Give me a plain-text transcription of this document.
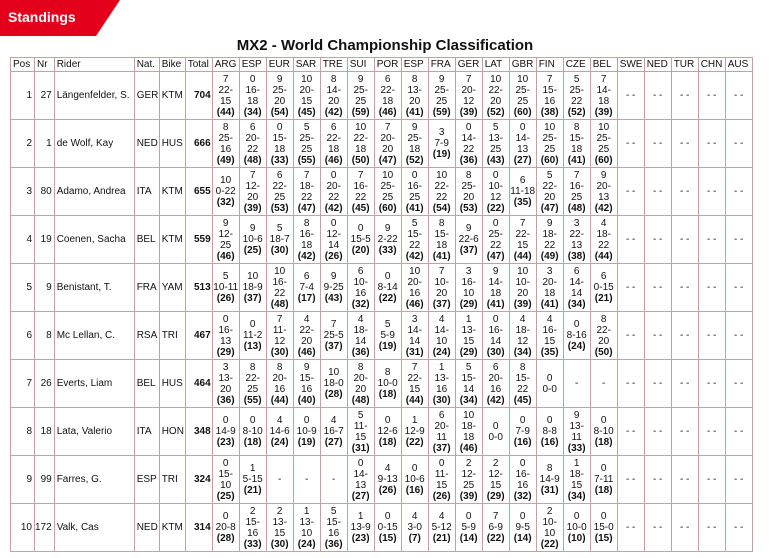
Standings
MX2 - World Championship Classification
Pos	Nr	Rider	Nat.	Bike	Total	ARG	ESP	EUR	SAR	TRE	SUI	POR	ESP	FRA	GER	LAT	GBR	FIN	CZE	BEL	SWE	NED	TUR	CHN	AUS
1	27	Längenfelder, S.	GER	KTM	704	7
22-
15
(44)	0
16-
18
(34)	9
25-
20
(54)	10
20-
15
(45)	8
14-
20
(42)	9
25-
25
(59)	6
22-
18
(46)	8
13-
20
(41)	9
25-
25
(59)	7
20-
12
(39)	10
22-
20
(52)	10
25-
25
(60)	7
15-
16
(38)	5
25-
22
(52)	7
14-
18
(39)	- -	- -	- -	- -	- -
2	1	de Wolf, Kay	NED	HUS	666	8
25-
16
(49)	6
20-
22
(48)	0
15-
18
(33)	5
25-
25
(55)	6
22-
18
(46)	10
22-
18
(50)	7
20-
20
(47)	9
25-
18
(52)	3
7-9
(19)	0
14-
22
(36)	5
13-
25
(43)	0
14-
13
(27)	10
25-
25
(60)	8
15-
18
(41)	10
25-
25
(60)	- -	- -	- -	- -	- -
3	80	Adamo, Andrea	ITA	KTM	655	10
0-22
(32)	7
12-
20
(39)	6
22-
25
(53)	7
18-
22
(47)	0
20-
22
(42)	7
16-
22
(45)	10
25-
25
(60)	0
16-
25
(41)	10
22-
22
(54)	8
25-
20
(53)	0
10-
12
(22)	6
11-18
(35)	5
22-
20
(47)	7
16-
25
(48)	9
20-
13
(42)	- -	- -	- -	- -	- -
4	19	Coenen, Sacha	BEL	KTM	559	9
12-
25
(46)	9
10-6
(25)	5
18-7
(30)	8
16-
18
(42)	0
12-
14
(26)	0
15-5
(20)	9
2-22
(33)	5
15-
22
(42)	8
15-
18
(41)	9
22-6
(37)	0
25-
22
(47)	7
22-
15
(44)	9
18-
22
(49)	3
22-
13
(38)	4
18-
22
(44)	- -	- -	- -	- -	- -
5	9	Benistant, T.	FRA	YAM	513	5
10-11
(26)	10
18-9
(37)	10
16-
22
(48)	6
7-4
(17)	9
9-25
(43)	6
10-
16
(32)	0
8-14
(22)	10
20-
16
(46)	7
10-
20
(37)	3
16-
10
(29)	9
14-
18
(41)	10
10-
20
(39)	3
20-
18
(41)	6
14-
14
(34)	6
0-15
(21)	- -	- -	- -	- -	- -
6	8	Mc Lellan, C.	RSA	TRI	467	0
16-
13
(29)	0
11-2
(13)	7
11-
12
(30)	4
22-
20
(46)	7
25-5
(37)	4
18-
14
(36)	5
5-9
(19)	3
14-
14
(31)	4
14-
10
(24)	1
13-
15
(29)	0
16-
14
(30)	4
18-
12
(34)	4
16-
15
(35)	0
8-16
(24)	8
22-
20
(50)	- -	- -	- -	- -	- -
7	26	Everts, Liam	BEL	HUS	464	3
13-
20
(36)	8
22-
25
(55)	8
20-
16
(44)	9
15-
16
(40)	10
18-0
(28)	8
20-
20
(48)	8
10-0
(18)	7
22-
15
(44)	1
13-
16
(30)	5
15-
14
(34)	6
20-
16
(42)	8
15-
22
(45)	0
0-0	-	-	- -	- -	- -	- -	- -
8	18	Lata, Valerio	ITA	HON	348	0
14-9
(23)	0
8-10
(18)	4
14-6
(24)	0
10-9
(19)	4
16-7
(27)	5
11-
15
(31)	0
12-6
(18)	1
12-9
(22)	6
20-
11
(37)	10
18-
18
(46)	0
0-0	0
7-9
(16)	0
8-8
(16)	9
13-
11
(33)	0
8-10
(18)	- -	- -	- -	- -	- -
9	99	Farres, G.	ESP	TRI	324	0
15-
10
(25)	1
5-15
(21)	-	-	-	0
14-
13
(27)	4
9-13
(26)	0
10-6
(16)	0
11-
15
(26)	2
12-
25
(39)	2
12-
15
(29)	0
16-
16
(32)	8
14-9
(31)	1
18-
15
(34)	0
7-11
(18)	- -	- -	- -	- -	- -
10	172	Valk, Cas	NED	KTM	314	0
20-8
(28)	2
15-
16
(33)	2
13-
15
(30)	1
13-
10
(24)	5
15-
16
(36)	1
13-9
(23)	0
0-15
(15)	4
3-0
(7)	4
5-12
(21)	0
5-9
(14)	7
6-9
(22)	0
9-5
(14)	2
10-
10
(22)	0
10-0
(10)	0
15-0
(15)	- -	- -	- -	- -	- -
